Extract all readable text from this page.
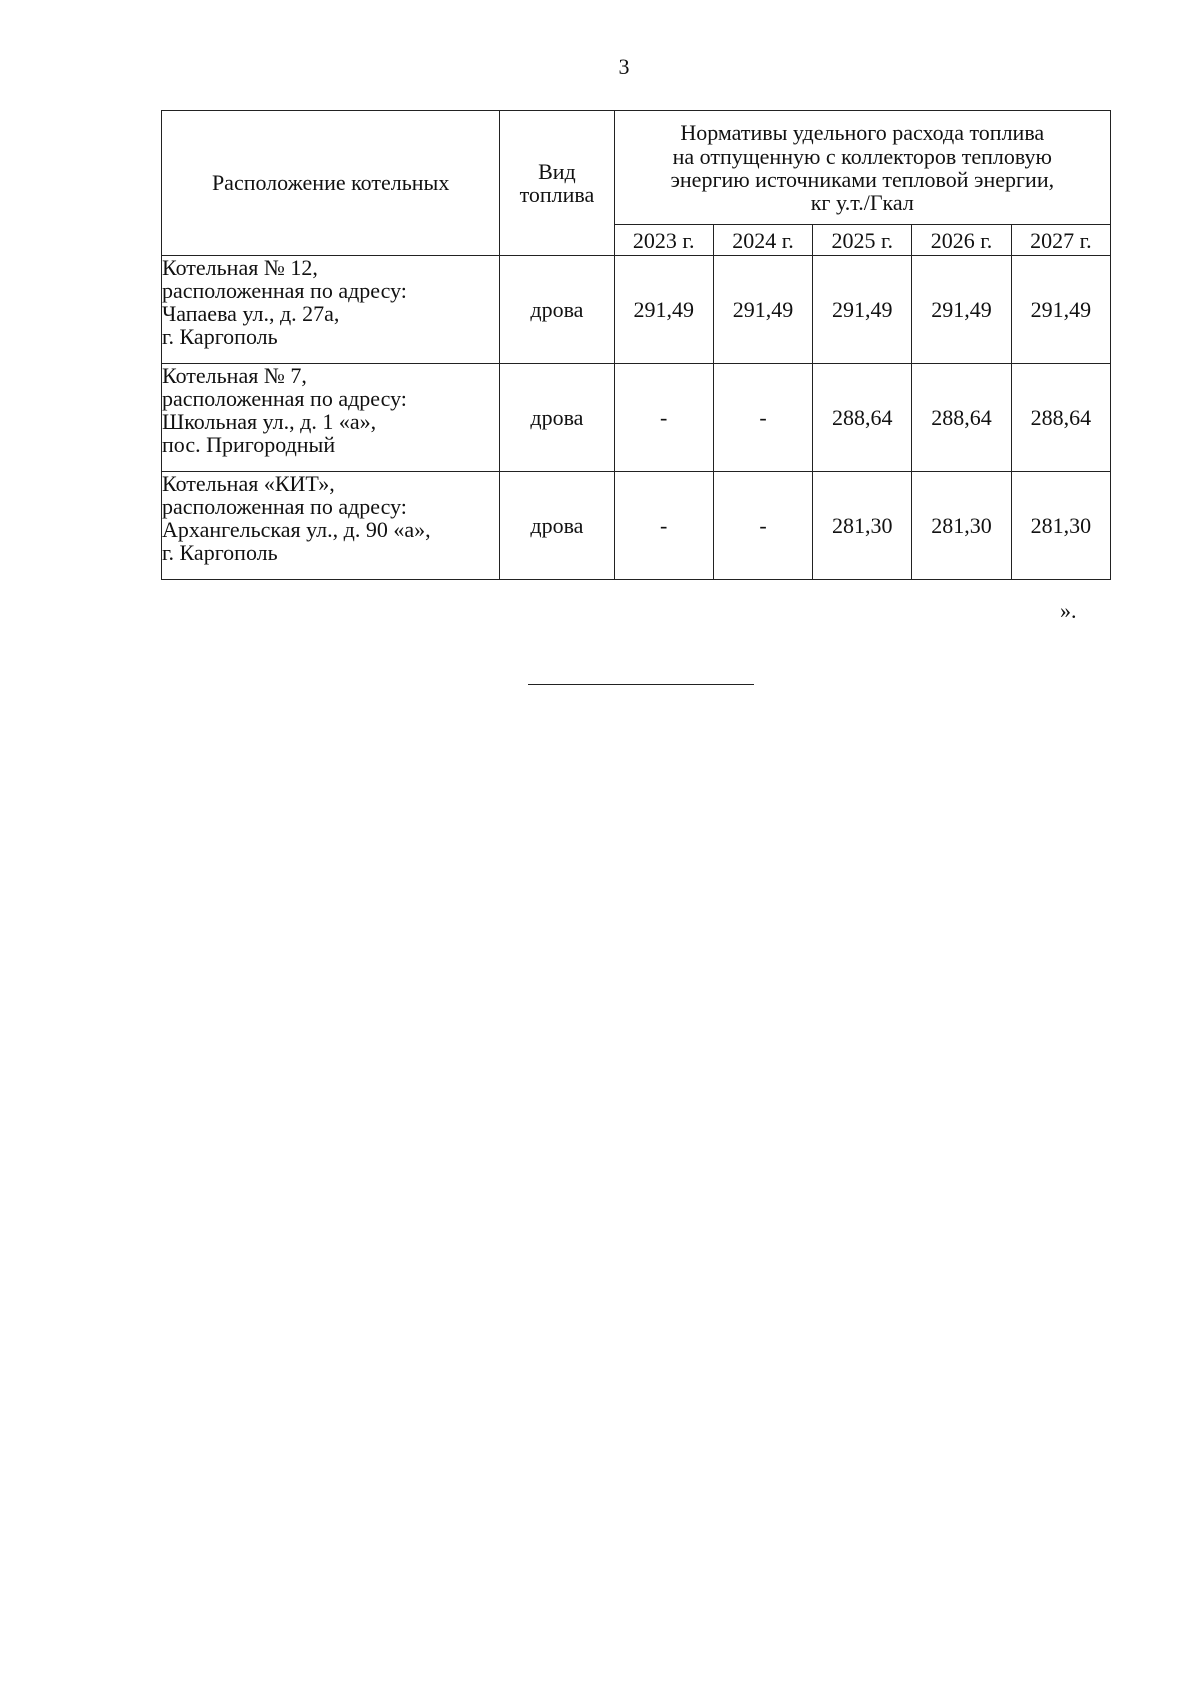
3
Расположение котельных	Вид
топлива	Нормативы удельного расхода топлива
на отпущенную с коллекторов тепловую
энергию источниками тепловой энергии,
кг у.т./Гкал				

		2023 г.	2024 г.	2025 г.	2026 г.	2027 г.

Котельная № 12,
расположенная по адресу:
Чапаева ул., д. 27а,
г. Каргополь	дрова	291,49	291,49	291,49	291,49	291,49

Котельная № 7,
расположенная по адресу:
Школьная ул., д. 1 «а»,
пос. Пригородный	дрова	-	-	288,64	288,64	288,64

Котельная «КИТ»,
расположенная по адресу:
Архангельская ул., д. 90 «а»,
г. Каргополь	дрова	-	-	281,30	281,30	281,30
».
